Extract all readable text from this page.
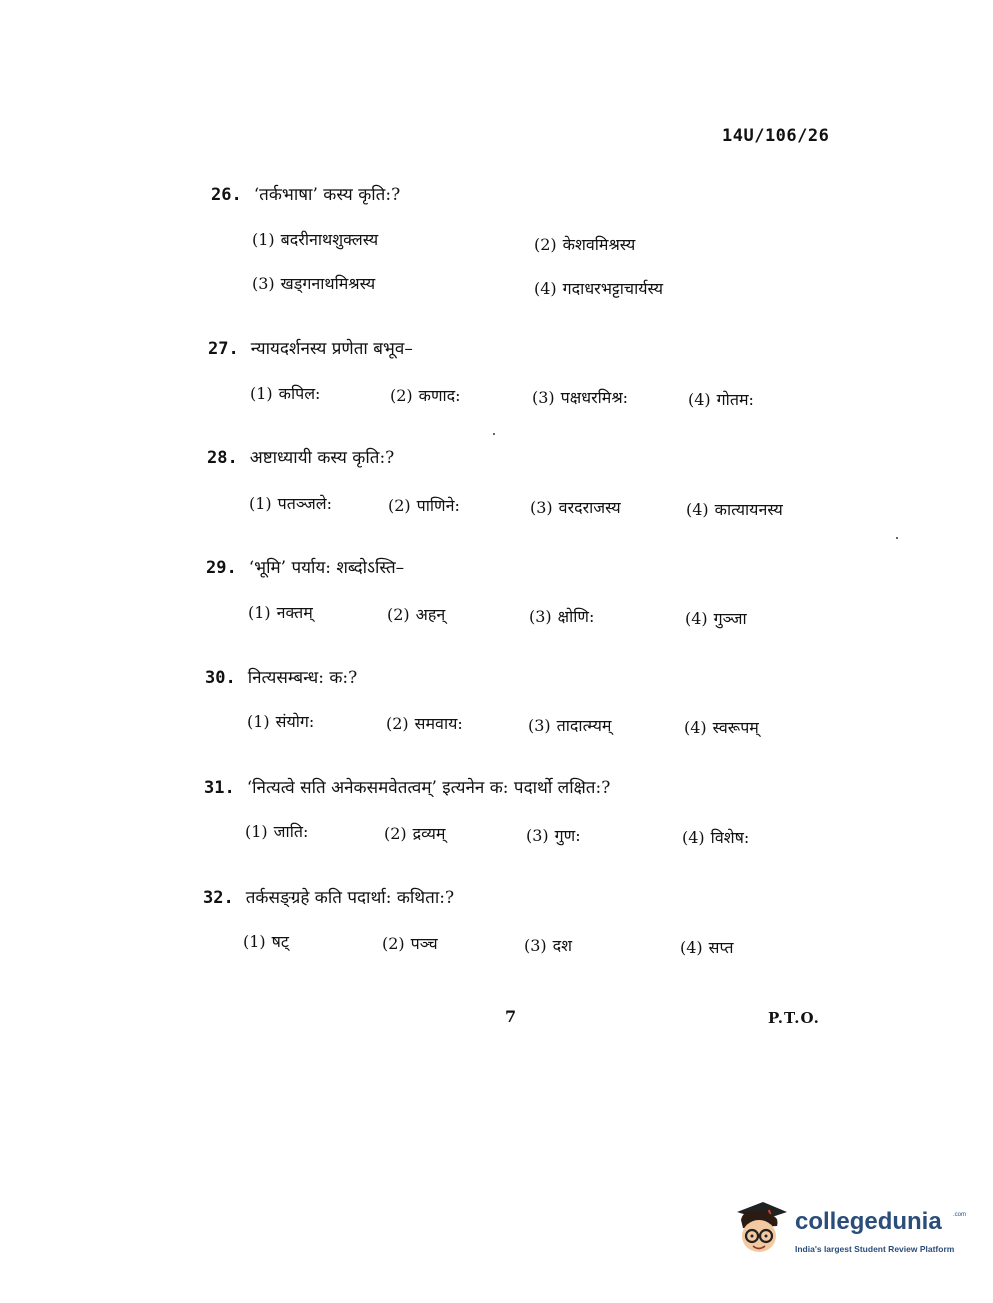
14U/106/26
26. ‘तर्कभाषा’ कस्य कृति:?
(1) बदरीनाथशुक्लस्य	(2) केशवमिश्रस्य
(3) खड्गनाथमिश्रस्य	(4) गदाधरभट्टाचार्यस्य
27. न्यायदर्शनस्य प्रणेता बभूव–
(1) कपिल:	(2) कणाद:	(3) पक्षधरमिश्र:	(4) गोतम:
28. अष्टाध्यायी कस्य कृति:?
(1) पतञ्जले:	(2) पाणिने:	(3) वरदराजस्य	(4) कात्यायनस्य
29. ‘भूमि’ पर्याय: शब्दोऽस्ति–
(1) नक्तम्	(2) अहन्	(3) क्षोणि:	(4) गुञ्जा
30. नित्यसम्बन्ध: क:?
(1) संयोग:	(2) समवाय:	(3) तादात्म्यम्	(4) स्वरूपम्
31. ‘नित्यत्वे सति अनेकसमवेतत्वम्’ इत्यनेन क: पदार्थो लक्षित:?
(1) जाति:	(2) द्रव्यम्	(3) गुण:	(4) विशेष:
32. तर्कसङ्ग्रहे कति पदार्था: कथिता:?
(1) षट्	(2) पञ्च	(3) दश	(4) सप्त
7	P.T.O.
collegedunia .com
India's largest Student Review Platform
